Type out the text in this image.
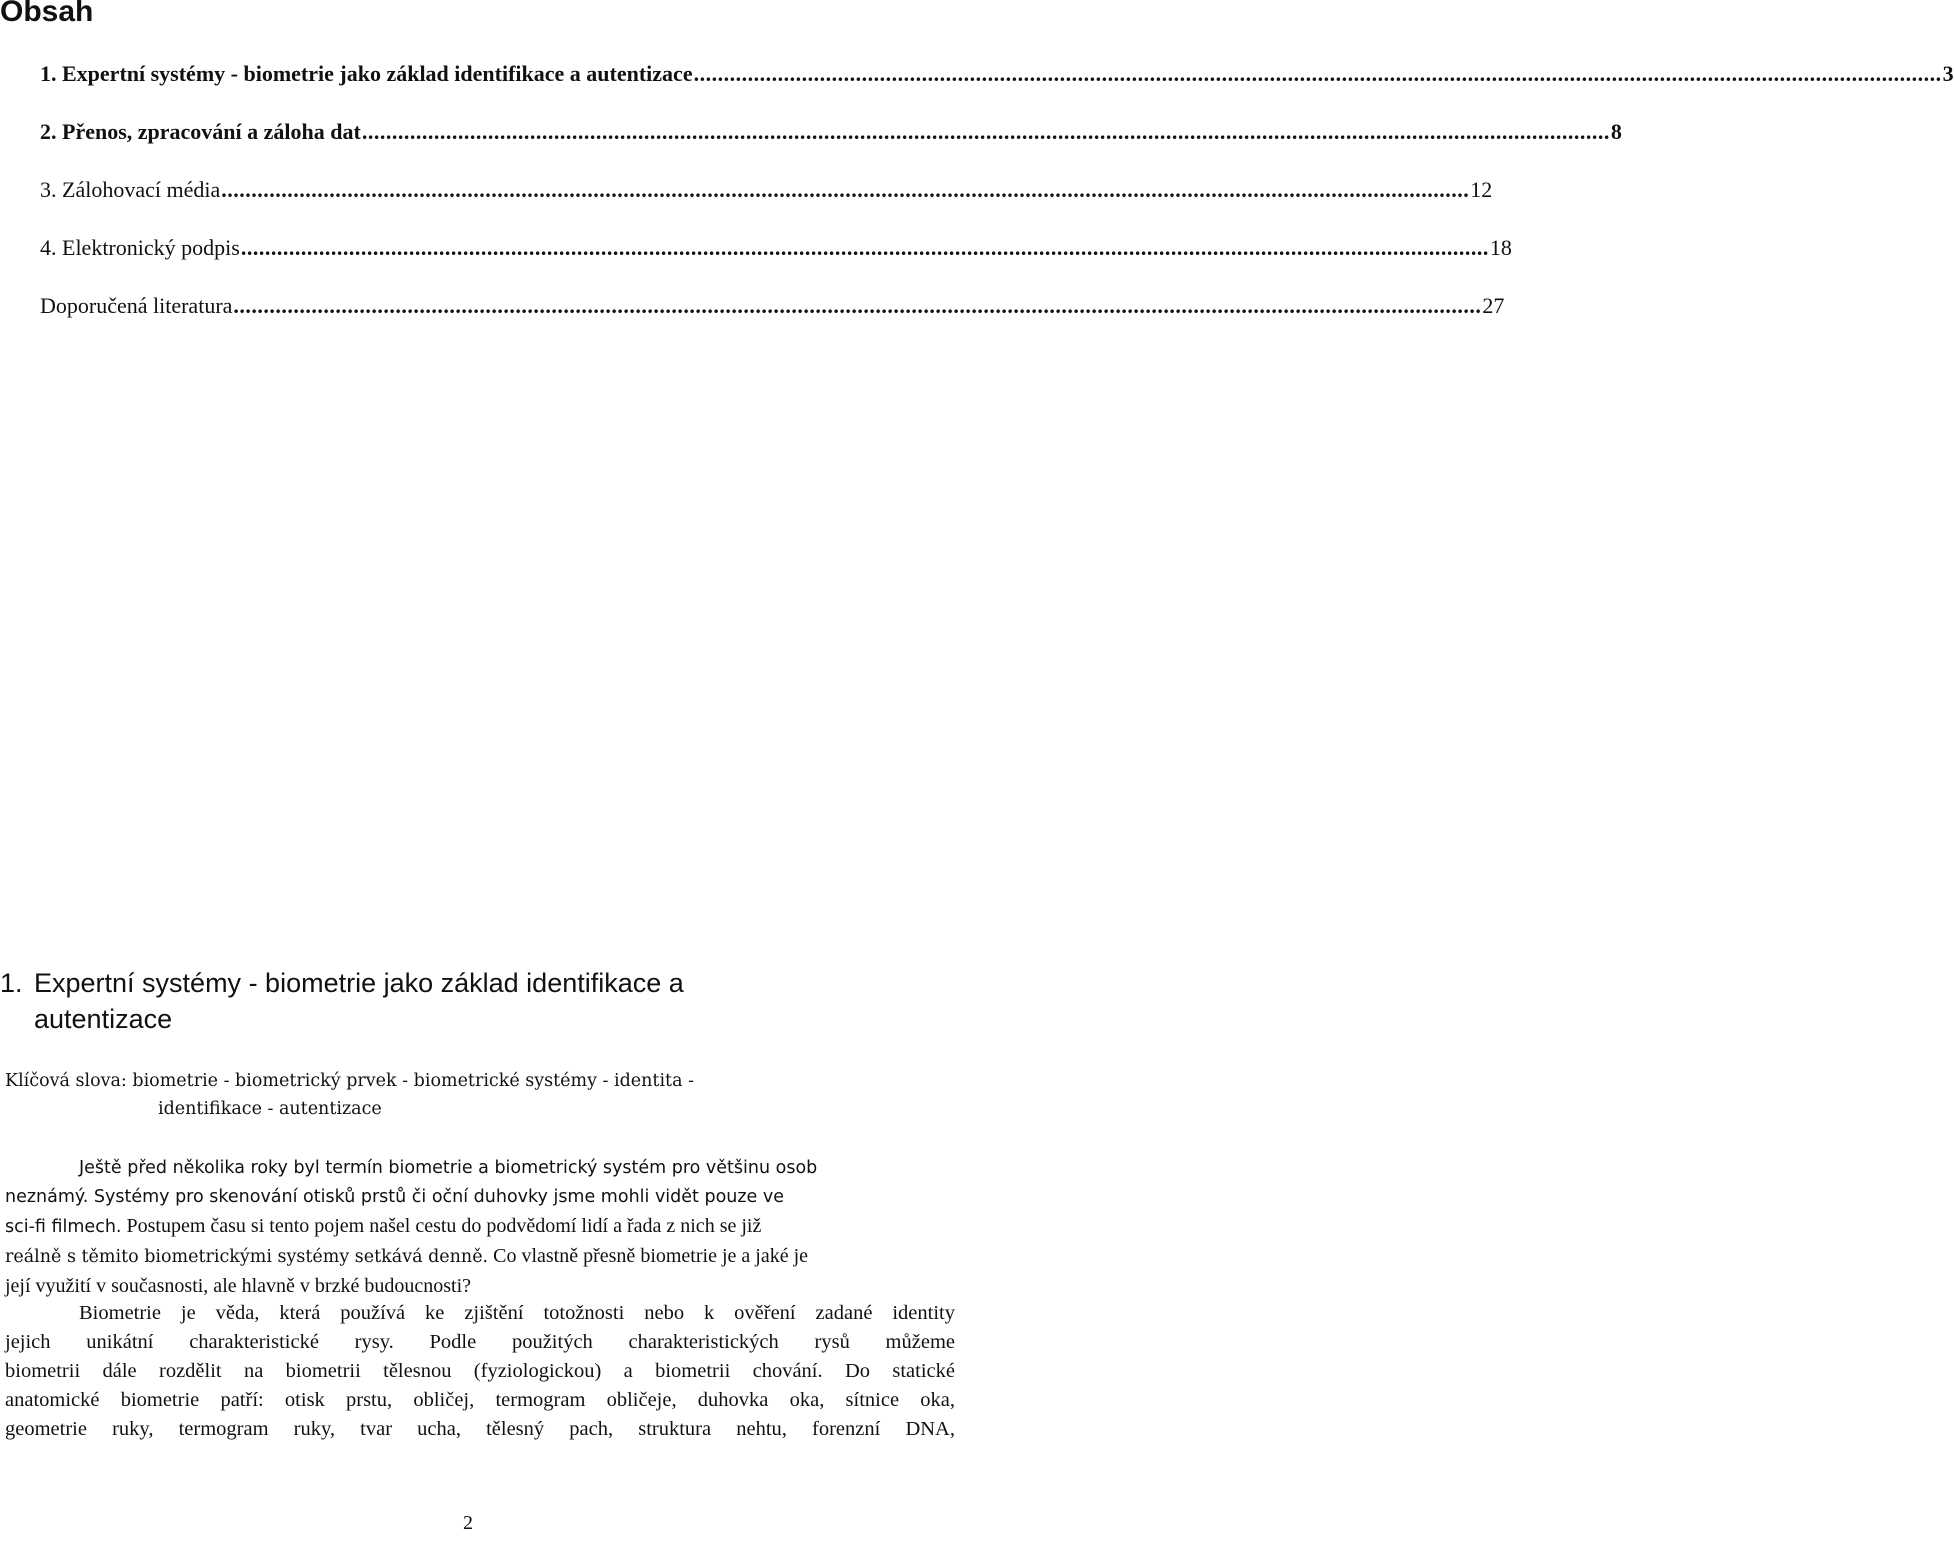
Obsah
1. Expertní systémy - biometrie jako základ identifikace a autentizace ................................................................................................................................................................................................................ 3
2. Přenos, zpracování a záloha dat ................................................................................................................................................................................................................ 8
3. Zálohovací média ................................................................................................................................................................................................................ 12
4. Elektronický podpis ................................................................................................................................................................................................................ 18
Doporučená literatura ................................................................................................................................................................................................................ 27
1. Expertní systémy - biometrie jako základ identifikace a
autentizace
Klíčová slova: biometrie - biometrický prvek - biometrické systémy - identita -
identifikace - autentizace
Ještě před několika roky byl termín biometrie a biometrický systém pro většinu osob
neznámý. Systémy pro skenování otisků prstů či oční duhovky jsme mohli vidět pouze ve
sci-fi filmech. Postupem času si tento pojem našel cestu do podvědomí lidí a řada z nich se již
reálně s těmito biometrickými systémy setkává denně. Co vlastně přesně biometrie je a jaké je
její využití v současnosti, ale hlavně v brzké budoucnosti?
Biometrie je věda, která používá ke zjištění totožnosti nebo k ověření zadané identity
jejich unikátní charakteristické rysy. Podle použitých charakteristických rysů můžeme
biometrii dále rozdělit na biometrii tělesnou (fyziologickou) a biometrii chování. Do statické
anatomické biometrie patří: otisk prstu, obličej, termogram obličeje, duhovka oka, sítnice oka,
geometrie ruky, termogram ruky, tvar ucha, tělesný pach, struktura nehtu, forenzní DNA,
2
